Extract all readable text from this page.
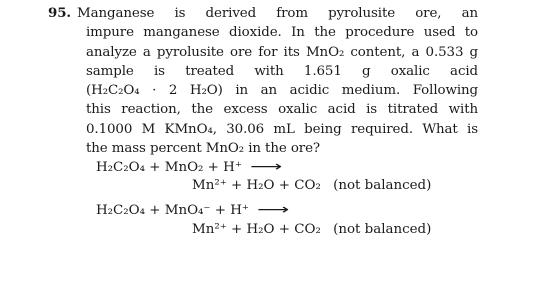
95. Manganese is derived from pyrolusite ore, an
impure manganese dioxide. In the procedure used to
analyze a pyrolusite ore for its MnO₂ content, a 0.533 g
sample is treated with 1.651 g oxalic acid
(H₂C₂O₄ · 2 H₂O) in an acidic medium. Following
this reaction, the excess oxalic acid is titrated with
0.1000 M KMnO₄, 30.06 mL being required. What is
the mass percent MnO₂ in the ore?
H₂C₂O₄ + MnO₂ + H⁺ ⟶
Mn²⁺ + H₂O + CO₂ (not balanced)
H₂C₂O₄ + MnO₄⁻ + H⁺ ⟶
Mn²⁺ + H₂O + CO₂ (not balanced)
